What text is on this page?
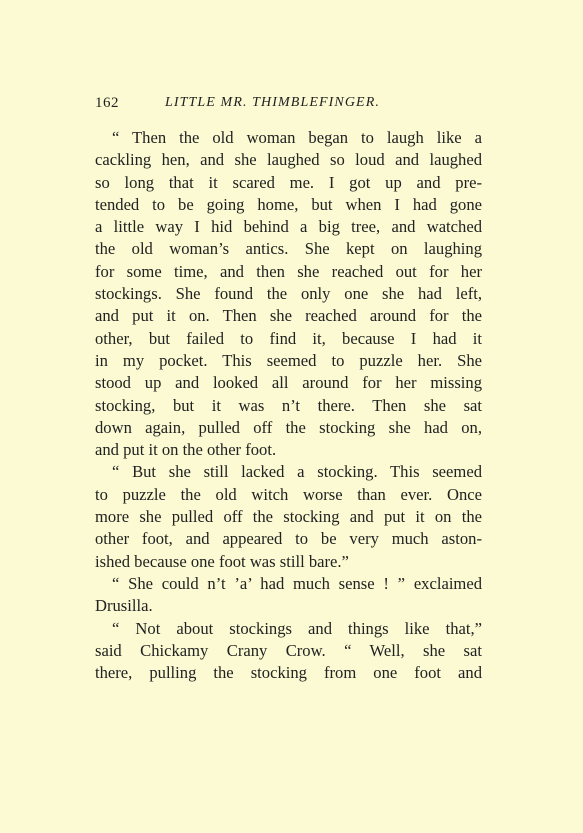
162	LITTLE MR. THIMBLEFINGER.
“ Then the old woman began to laugh like a
cackling hen, and she laughed so loud and laughed
so long that it scared me. I got up and pre-
tended to be going home, but when I had gone
a little way I hid behind a big tree, and watched
the old woman’s antics. She kept on laughing
for some time, and then she reached out for her
stockings. She found the only one she had left,
and put it on. Then she reached around for the
other, but failed to find it, because I had it
in my pocket. This seemed to puzzle her. She
stood up and looked all around for her missing
stocking, but it was n’t there. Then she sat
down again, pulled off the stocking she had on,
and put it on the other foot.
“ But she still lacked a stocking. This seemed
to puzzle the old witch worse than ever. Once
more she pulled off the stocking and put it on the
other foot, and appeared to be very much aston-
ished because one foot was still bare.”
“ She could n’t ’a’ had much sense ! ” exclaimed
Drusilla.
“ Not about stockings and things like that,”
said Chickamy Crany Crow. “ Well, she sat
there, pulling the stocking from one foot and
